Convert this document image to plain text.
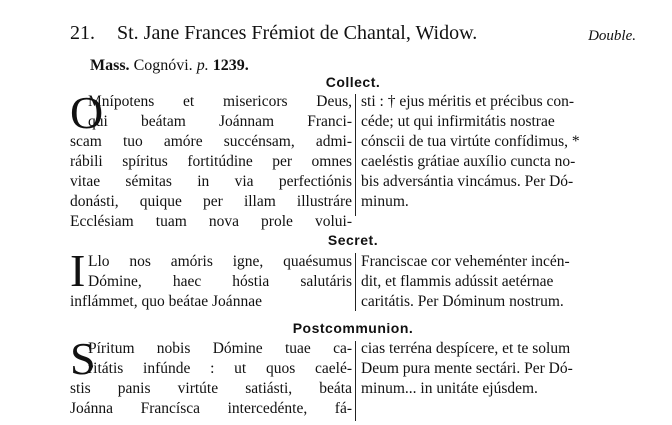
21. St. Jane Frances Frémiot de Chantal, Widow.	Double.
Mass. Cognóvi. p. 1239.
Collect.
O
Mnípotens et misericors Deus,
qui beátam Joánnam Franci-
scam tuo amóre succénsam, admi-
rábili spíritus fortitúdine per omnes
vitae sémitas in via perfectiónis
donásti, quique per illam illustráre
Ecclésiam tuam nova prole volui-
sti : † ejus méritis et précibus con-
céde; ut qui infirmitátis nostrae
cónscii de tua virtúte confídimus, *
caeléstis grátiae auxílio cuncta no-
bis adversántia vincámus. Per Dó-
minum.
Secret.
I Llo nos amóris igne, quaésumus
Dómine, haec hóstia salutáris
inflámmet, quo beátae Joánnae
Franciscae cor veheménter incén-
dit, et flammis adússit aetérnae
caritátis. Per Dóminum nostrum.
Postcommunion.
S
Píritum nobis Dómine tuae ca-
ritátis infúnde : ut quos caelé-
stis panis virtúte satiásti, beáta
Joánna Francísca intercedénte, fá-
cias terréna despícere, et te solum
Deum pura mente sectári. Per Dó-
minum... in unitáte ejúsdem.
